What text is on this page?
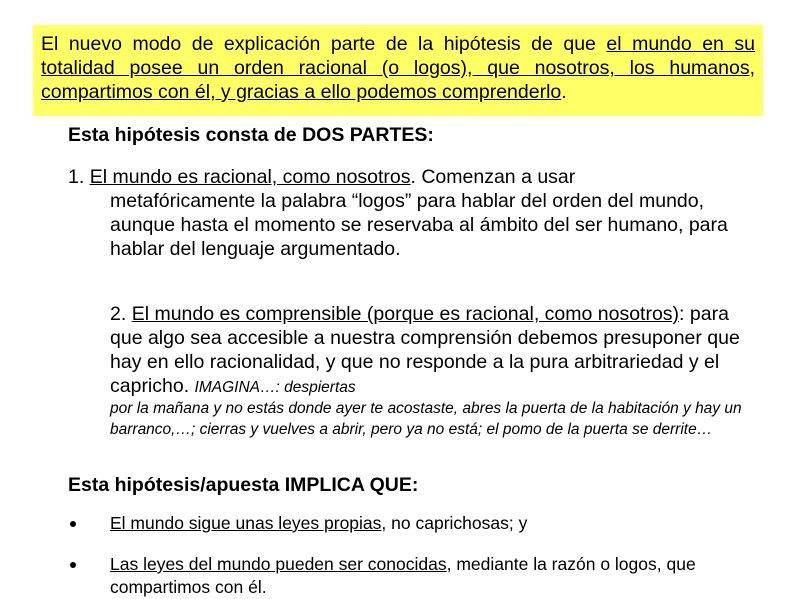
El nuevo modo de explicación parte de la hipótesis de que el mundo en su totalidad posee un orden racional (o logos), que nosotros, los humanos, compartimos con él, y gracias a ello podemos comprenderlo.
Esta hipótesis consta de DOS PARTES:
1. El mundo es racional, como nosotros. Comenzan a usar
metafóricamente la palabra “logos” para hablar del orden del mundo, aunque hasta el momento se reservaba al ámbito del ser humano, para hablar del lenguaje argumentado.
2. El mundo es comprensible (porque es racional, como nosotros): para que algo sea accesible a nuestra comprensión debemos presuponer que hay en ello racionalidad, y que no responde a la pura arbitrariedad y el capricho. IMAGINA…: despiertas
por la mañana y no estás donde ayer te acostaste, abres la puerta de la habitación y hay un barranco,…; cierras y vuelves a abrir, pero ya no está; el pomo de la puerta se derrite…
Esta hipótesis/apuesta IMPLICA QUE:
El mundo sigue unas leyes propias, no caprichosas; y
Las leyes del mundo pueden ser conocidas, mediante la razón o logos, que compartimos con él.
